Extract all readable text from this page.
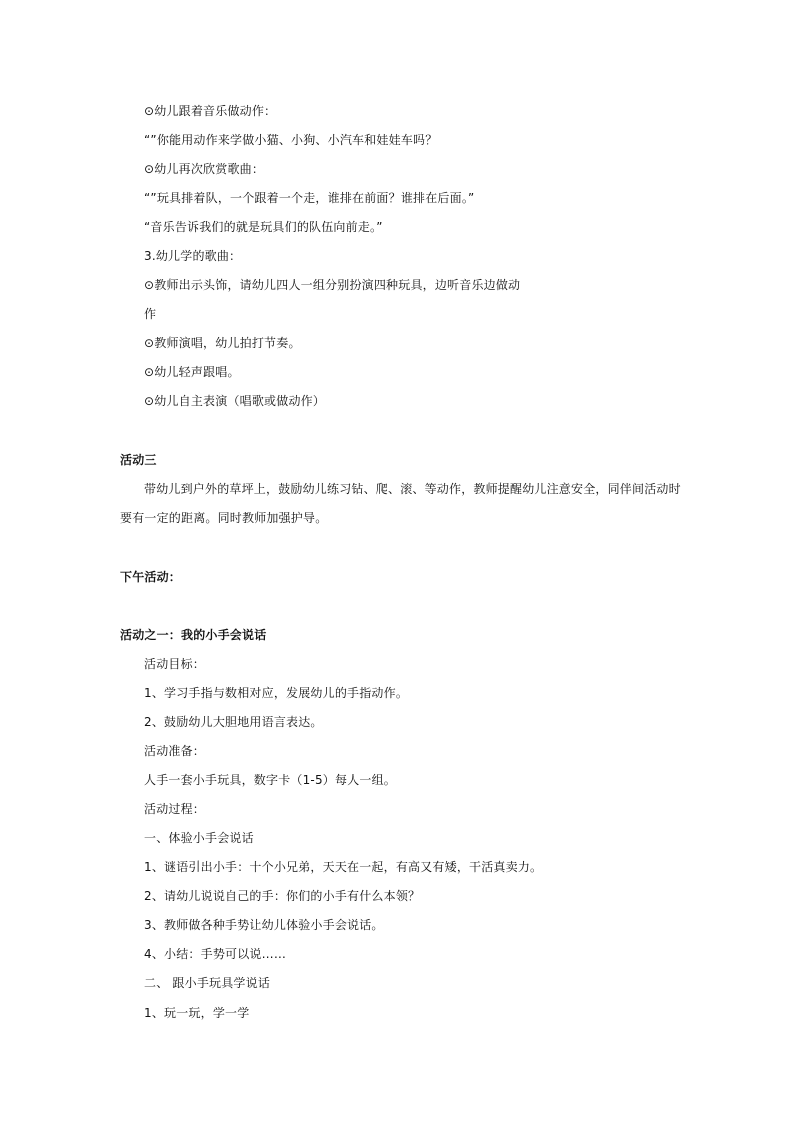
⊙幼儿跟着音乐做动作：
“”你能用动作来学做小猫、小狗、小汽车和娃娃车吗？
⊙幼儿再次欣赏歌曲：
“”玩具排着队，一个跟着一个走，谁排在前面？谁排在后面。”
“音乐告诉我们的就是玩具们的队伍向前走。”
3.幼儿学的歌曲：
⊙教师出示头饰，请幼儿四人一组分别扮演四种玩具，边听音乐边做动
作
⊙教师演唱，幼儿拍打节奏。
⊙幼儿轻声跟唱。
⊙幼儿自主表演（唱歌或做动作）
活动三
带幼儿到户外的草坪上，鼓励幼儿练习钻、爬、滚、等动作，教师提醒幼儿注意安全，同伴间活动时
要有一定的距离。同时教师加强护导。
下午活动：
活动之一：我的小手会说话
活动目标：
1、学习手指与数相对应，发展幼儿的手指动作。
2、鼓励幼儿大胆地用语言表达。
活动准备：
人手一套小手玩具，数字卡（1-5）每人一组。
活动过程：
一、体验小手会说话
1、谜语引出小手：十个小兄弟，天天在一起，有高又有矮，干活真卖力。
2、请幼儿说说自己的手：你们的小手有什么本领？
3、教师做各种手势让幼儿体验小手会说话。
4、小结：手势可以说……
二、 跟小手玩具学说话
1、玩一玩，学一学
